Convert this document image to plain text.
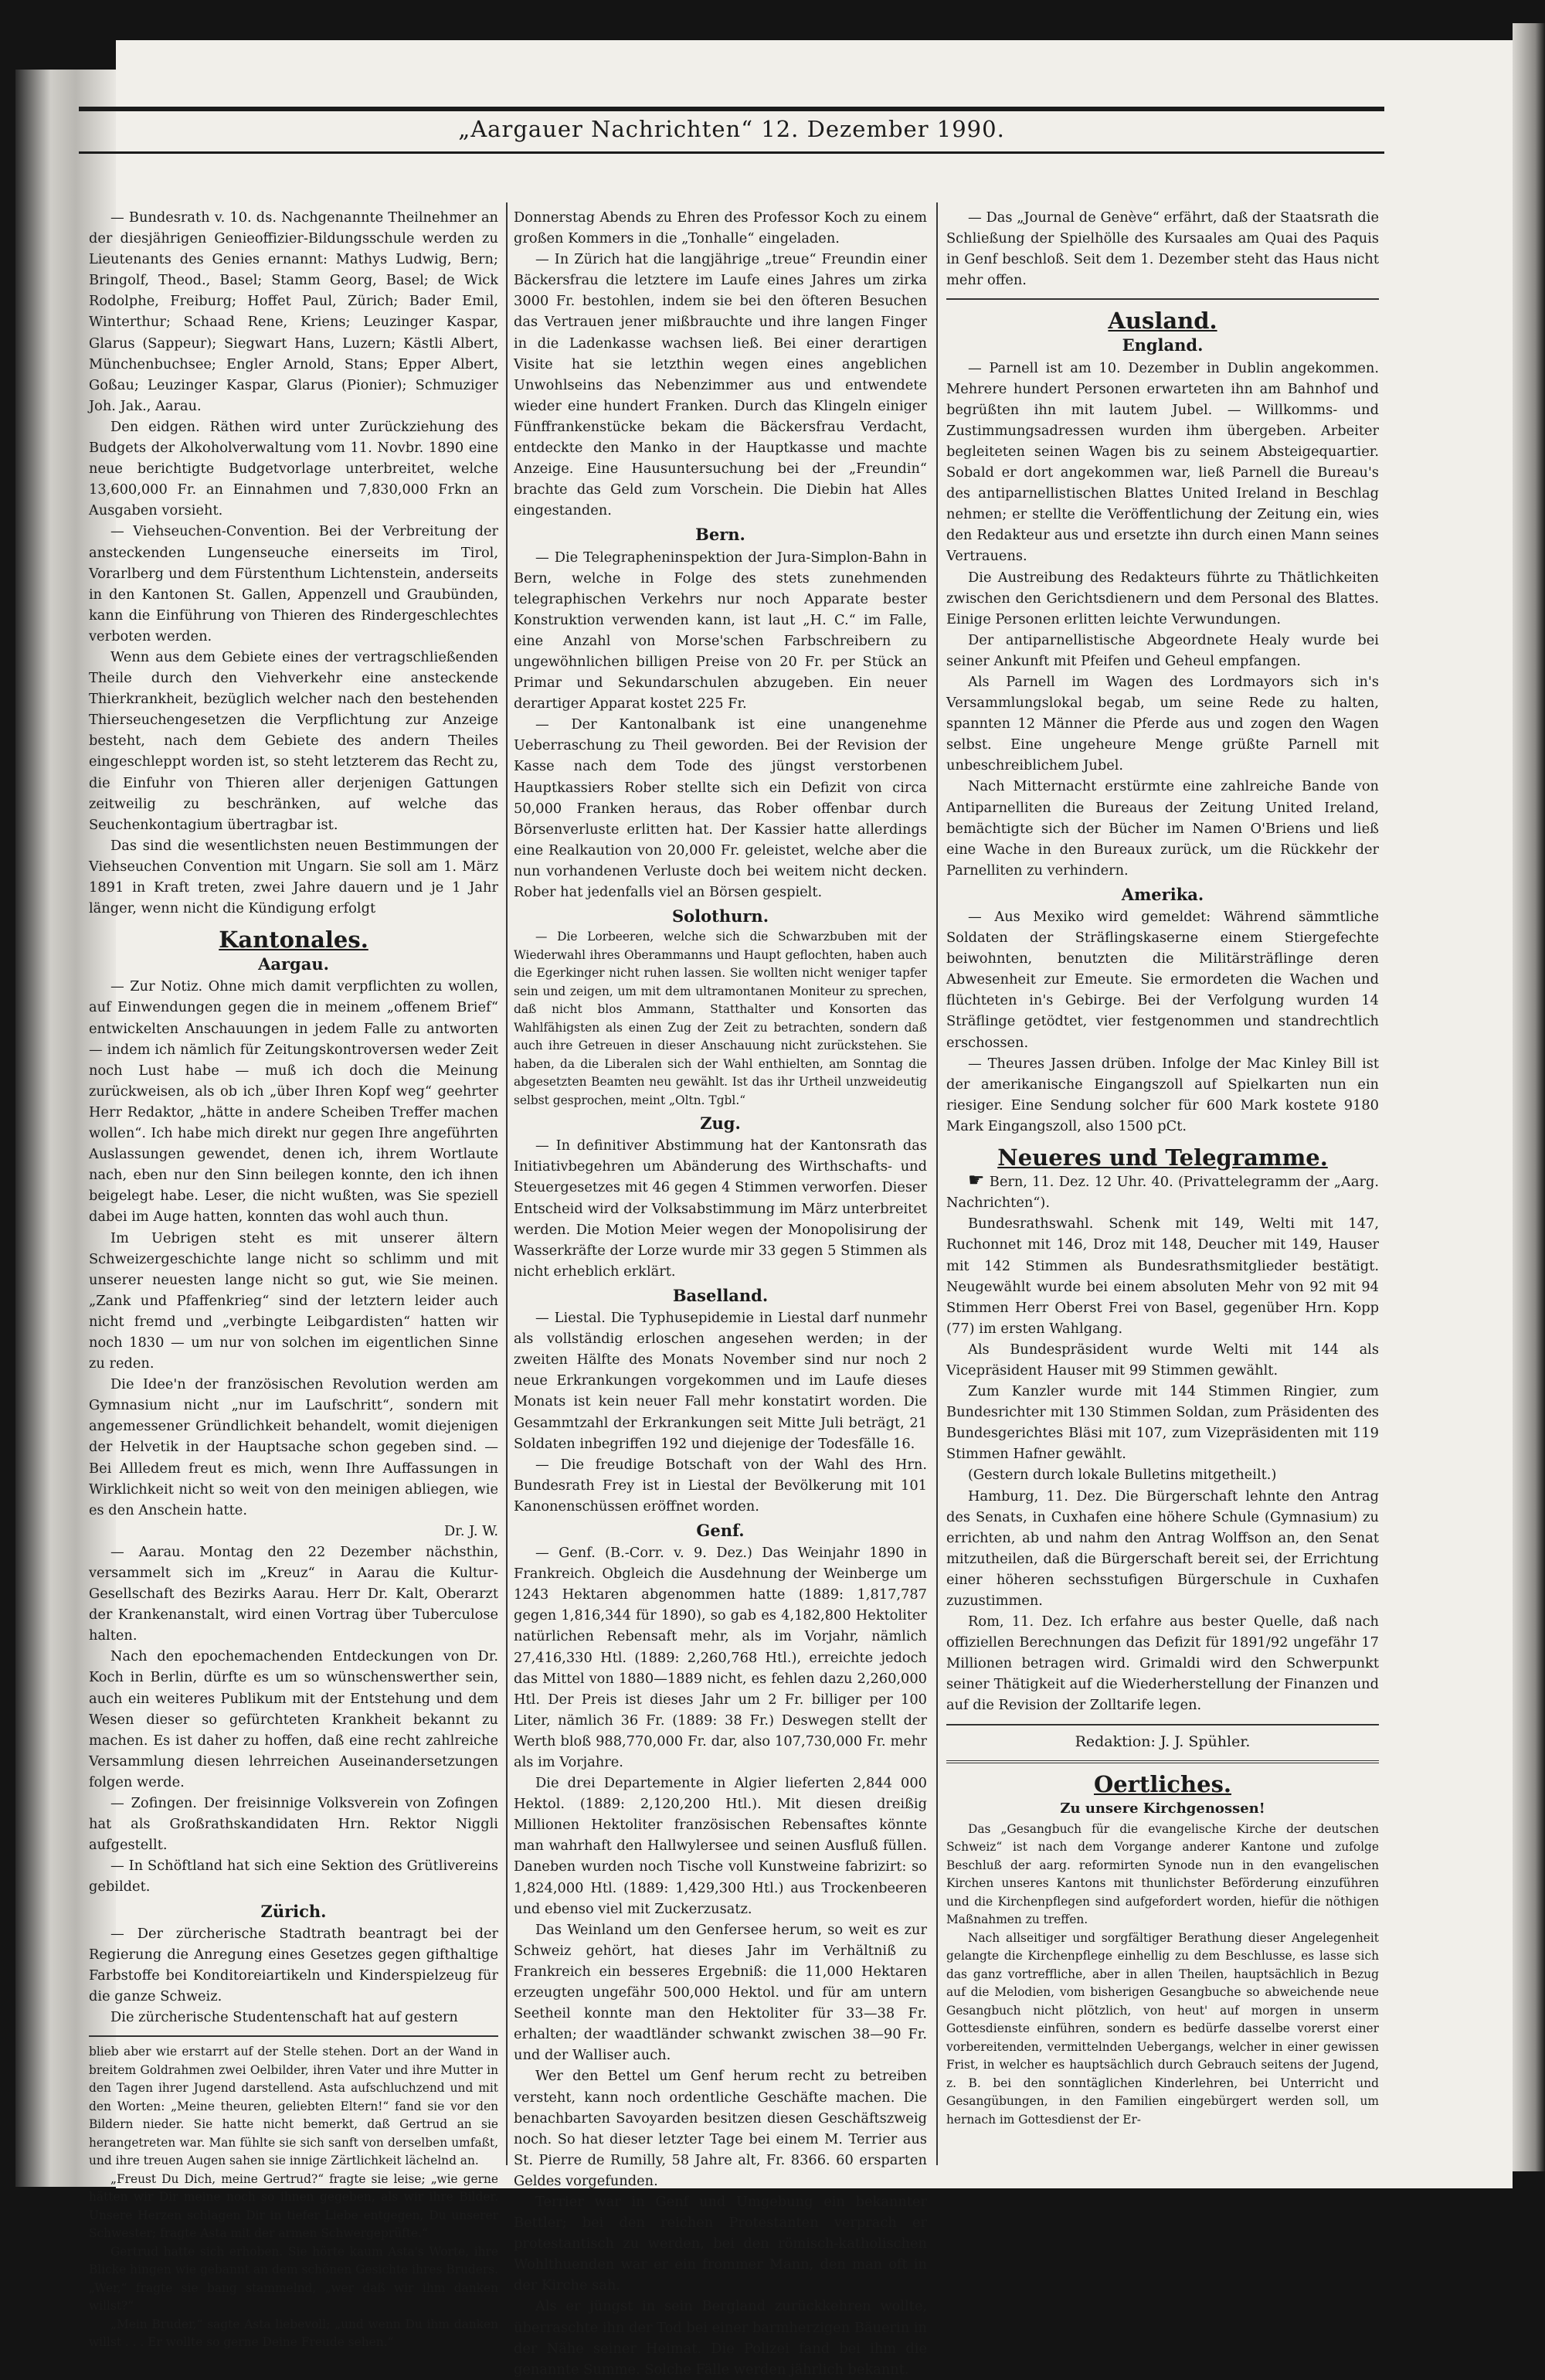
„Aargauer Nachrichten“ 12. Dezember 1990.

— Bundesrath v. 10. ds. Nachgenannte Theilnehmer an der diesjährigen Genieoffizier-Bildungsschule werden zu Lieutenants des Genies ernannt: Mathys Ludwig, Bern; Bringolf, Theod., Basel; Stamm Georg, Basel; de Wick Rodolphe, Freiburg; Hoffet Paul, Zürich; Bader Emil, Winterthur; Schaad Rene, Kriens; Leuzinger Kaspar, Glarus (Sappeur); Siegwart Hans, Luzern; Kästli Albert, Münchenbuchsee; Engler Arnold, Stans; Epper Albert, Goßau; Leuzinger Kaspar, Glarus (Pionier); Schmuziger Joh. Jak., Aarau.

Den eidgen. Räthen wird unter Zurückziehung des Budgets der Alkoholverwaltung vom 11. Novbr. 1890 eine neue berichtigte Budgetvorlage unterbreitet, welche 13,600,000 Fr. an Einnahmen und 7,830,000 Frkn an Ausgaben vorsieht.

— Viehseuchen-Convention. Bei der Verbreitung der ansteckenden Lungenseuche einerseits im Tirol, Vorarlberg und dem Fürstenthum Lichtenstein, anderseits in den Kantonen St. Gallen, Appenzell und Graubünden, kann die Einführung von Thieren des Rindergeschlechtes verboten werden.

Wenn aus dem Gebiete eines der vertragschließenden Theile durch den Viehverkehr eine ansteckende Thierkrankheit, bezüglich welcher nach den bestehenden Thierseuchengesetzen die Verpflichtung zur Anzeige besteht, nach dem Gebiete des andern Theiles eingeschleppt worden ist, so steht letzterem das Recht zu, die Einfuhr von Thieren aller derjenigen Gattungen zeitweilig zu beschränken, auf welche das Seuchenkontagium übertragbar ist.

Das sind die wesentlichsten neuen Bestimmungen der Viehseuchen Convention mit Ungarn. Sie soll am 1. März 1891 in Kraft treten, zwei Jahre dauern und je 1 Jahr länger, wenn nicht die Kündigung erfolgt

Kantonales.
Aargau.

— Zur Notiz. Ohne mich damit verpflichten zu wollen, auf Einwendungen gegen die in meinem „offenem Brief“ entwickelten Anschauungen in jedem Falle zu antworten — indem ich nämlich für Zeitungskontroversen weder Zeit noch Lust habe — muß ich doch die Meinung zurückweisen, als ob ich „über Ihren Kopf weg“ geehrter Herr Redaktor, „hätte in andere Scheiben Treffer machen wollen“. Ich habe mich direkt nur gegen Ihre angeführten Auslassungen gewendet, denen ich, ihrem Wortlaute nach, eben nur den Sinn beilegen konnte, den ich ihnen beigelegt habe. Leser, die nicht wußten, was Sie speziell dabei im Auge hatten, konnten das wohl auch thun.

Im Uebrigen steht es mit unserer ältern Schweizergeschichte lange nicht so schlimm und mit unserer neuesten lange nicht so gut, wie Sie meinen. „Zank und Pfaffenkrieg“ sind der letztern leider auch nicht fremd und „verbingte Leibgardisten“ hatten wir noch 1830 — um nur von solchen im eigentlichen Sinne zu reden.

Die Idee'n der französischen Revolution werden am Gymnasium nicht „nur im Laufschritt“, sondern mit angemessener Gründlichkeit behandelt, womit diejenigen der Helvetik in der Hauptsache schon gegeben sind. — Bei Allledem freut es mich, wenn Ihre Auffassungen in Wirklichkeit nicht so weit von den meinigen abliegen, wie es den Anschein hatte.

Dr. J. W.

— Aarau. Montag den 22 Dezember nächsthin, versammelt sich im „Kreuz“ in Aarau die Kultur-Gesellschaft des Bezirks Aarau. Herr Dr. Kalt, Oberarzt der Krankenanstalt, wird einen Vortrag über Tuberculose halten.

Nach den epochemachenden Entdeckungen von Dr. Koch in Berlin, dürfte es um so wünschenswerther sein, auch ein weiteres Publikum mit der Entstehung und dem Wesen dieser so gefürchteten Krankheit bekannt zu machen. Es ist daher zu hoffen, daß eine recht zahlreiche Versammlung diesen lehrreichen Auseinandersetzungen folgen werde.

— Zofingen. Der freisinnige Volksverein von Zofingen hat als Großrathskandidaten Hrn. Rektor Niggli aufgestellt.

— In Schöftland hat sich eine Sektion des Grütlivereins gebildet.

Zürich.

— Der zürcherische Stadtrath beantragt bei der Regierung die Anregung eines Gesetzes gegen gifthaltige Farbstoffe bei Konditoreiartikeln und Kinderspielzeug für die ganze Schweiz.

Die zürcherische Studentenschaft hat auf gestern

blieb aber wie erstarrt auf der Stelle stehen. Dort an der Wand in breitem Goldrahmen zwei Oelbilder, ihren Vater und ihre Mutter in den Tagen ihrer Jugend darstellend. Asta aufschluchzend und mit den Worten: „Meine theuren, geliebten Eltern!“ fand sie vor den Bildern nieder. Sie hatte nicht bemerkt, daß Gertrud an sie herangetreten war. Man fühlte sie sich sanft von derselben umfaßt, und ihre treuen Augen sahen sie innige Zärtlichkeit lächelnd an.

„Freust Du Dich, meine Gertrud?“ fragte sie leise; „wie gerne hätten wir Dir meine noch so ihnen gegeben, als wir ihre Bilder. Unsere Herzen schlagen Dir in tiefer Liebe entgegen, Du unserer Schwester; fragte Asta mit der armen Schwergeprüfte.“

Gertrud hatte sich erhoben. Sie hörte kaum Asta's Worte, ihre Blicke hingen wie gebannt an dem schönen Gesichte ihres Bruders. „Wer,“ fragte sie bang stammelnd, „wer daß wir ihm danken willst?“

„Mein Bruder,“ sagte Asta liebevoll; „und wenn Du ihm danken willst . . . Er wollte so gerne Deine Freude sehen.“

Donnerstag Abends zu Ehren des Professor Koch zu einem großen Kommers in die „Tonhalle“ eingeladen.

— In Zürich hat die langjährige „treue“ Freundin einer Bäckersfrau die letztere im Laufe eines Jahres um zirka 3000 Fr. bestohlen, indem sie bei den öfteren Besuchen das Vertrauen jener mißbrauchte und ihre langen Finger in die Ladenkasse wachsen ließ. Bei einer derartigen Visite hat sie letzthin wegen eines angeblichen Unwohlseins das Nebenzimmer aus und entwendete wieder eine hundert Franken. Durch das Klingeln einiger Fünffrankenstücke bekam die Bäckersfrau Verdacht, entdeckte den Manko in der Hauptkasse und machte Anzeige. Eine Hausuntersuchung bei der „Freundin“ brachte das Geld zum Vorschein. Die Diebin hat Alles eingestanden.

Bern.

— Die Telegrapheninspektion der Jura-Simplon-Bahn in Bern, welche in Folge des stets zunehmenden telegraphischen Verkehrs nur noch Apparate bester Konstruktion verwenden kann, ist laut „H. C.“ im Falle, eine Anzahl von Morse'schen Farbschreibern zu ungewöhnlichen billigen Preise von 20 Fr. per Stück an Primar und Sekundarschulen abzugeben. Ein neuer derartiger Apparat kostet 225 Fr.

— Der Kantonalbank ist eine unangenehme Ueberraschung zu Theil geworden. Bei der Revision der Kasse nach dem Tode des jüngst verstorbenen Hauptkassiers Rober stellte sich ein Defizit von circa 50,000 Franken heraus, das Rober offenbar durch Börsenverluste erlitten hat. Der Kassier hatte allerdings eine Realkaution von 20,000 Fr. geleistet, welche aber die nun vorhandenen Verluste doch bei weitem nicht decken. Rober hat jedenfalls viel an Börsen gespielt.

Solothurn.

— Die Lorbeeren, welche sich die Schwarzbuben mit der Wiederwahl ihres Oberammanns und Haupt geflochten, haben auch die Egerkinger nicht ruhen lassen. Sie wollten nicht weniger tapfer sein und zeigen, um mit dem ultramontanen Moniteur zu sprechen, daß nicht blos Ammann, Statthalter und Konsorten das Wahlfähigsten als einen Zug der Zeit zu betrachten, sondern daß auch ihre Getreuen in dieser Anschauung nicht zurückstehen. Sie haben, da die Liberalen sich der Wahl enthielten, am Sonntag die abgesetzten Beamten neu gewählt. Ist das ihr Urtheil unzweideutig selbst gesprochen, meint „Oltn. Tgbl.“

Zug.

— In definitiver Abstimmung hat der Kantonsrath das Initiativbegehren um Abänderung des Wirthschafts- und Steuergesetzes mit 46 gegen 4 Stimmen verworfen. Dieser Entscheid wird der Volksabstimmung im März unterbreitet werden. Die Motion Meier wegen der Monopolisirung der Wasserkräfte der Lorze wurde mir 33 gegen 5 Stimmen als nicht erheblich erklärt.

Baselland.

— Liestal. Die Typhusepidemie in Liestal darf nunmehr als vollständig erloschen angesehen werden; in der zweiten Hälfte des Monats November sind nur noch 2 neue Erkrankungen vorgekommen und im Laufe dieses Monats ist kein neuer Fall mehr konstatirt worden. Die Gesammtzahl der Erkrankungen seit Mitte Juli beträgt, 21 Soldaten inbegriffen 192 und diejenige der Todesfälle 16.

— Die freudige Botschaft von der Wahl des Hrn. Bundesrath Frey ist in Liestal der Bevölkerung mit 101 Kanonenschüssen eröffnet worden.

Genf.

— Genf. (B.-Corr. v. 9. Dez.) Das Weinjahr 1890 in Frankreich. Obgleich die Ausdehnung der Weinberge um 1243 Hektaren abgenommen hatte (1889: 1,817,787 gegen 1,816,344 für 1890), so gab es 4,182,800 Hektoliter natürlichen Rebensaft mehr, als im Vorjahr, nämlich 27,416,330 Htl. (1889: 2,260,768 Htl.), erreichte jedoch das Mittel von 1880—1889 nicht, es fehlen dazu 2,260,000 Htl. Der Preis ist dieses Jahr um 2 Fr. billiger per 100 Liter, nämlich 36 Fr. (1889: 38 Fr.) Deswegen stellt der Werth bloß 988,770,000 Fr. dar, also 107,730,000 Fr. mehr als im Vorjahre.

Die drei Departemente in Algier lieferten 2,844 000 Hektol. (1889: 2,120,200 Htl.). Mit diesen dreißig Millionen Hektoliter französischen Rebensaftes könnte man wahrhaft den Hallwylersee und seinen Ausfluß füllen. Daneben wurden noch Tische voll Kunstweine fabrizirt: so 1,824,000 Htl. (1889: 1,429,300 Htl.) aus Trockenbeeren und ebenso viel mit Zuckerzusatz.

Das Weinland um den Genfersee herum, so weit es zur Schweiz gehört, hat dieses Jahr im Verhältniß zu Frankreich ein besseres Ergebniß: die 11,000 Hektaren erzeugten ungefähr 500,000 Hektol. und für am untern Seetheil konnte man den Hektoliter für 33—38 Fr. erhalten; der waadtländer schwankt zwischen 38—90 Fr. und der Walliser auch.

Wer den Bettel um Genf herum recht zu betreiben versteht, kann noch ordentliche Geschäfte machen. Die benachbarten Savoyarden besitzen diesen Geschäftszweig noch. So hat dieser letzter Tage bei einem M. Terrier aus St. Pierre de Rumilly, 58 Jahre alt, Fr. 8366. 60 ersparten Geldes vorgefunden.

Terrier war in Genf und Umgebung ein bekannter Bettler; bei den reichen Protestanten verprach er protestantisch zu werden, bei den römisch-katholischen Wohlthuenden war er ein frommer Mann, den man oft in der Kirche sah.

Als er jüngst in sein Bergland zurückkehren wollte, überraschte ihn der Tod bei einer barmherzigen Bäuerin in der Nähe seiner Heimat. Die Polizei fand bei ihm die genannte Summe. Solche Fälle werden jährlich bekannt.

— Das „Journal de Genève“ erfährt, daß der Staatsrath die Schließung der Spielhölle des Kursaales am Quai des Paquis in Genf beschloß. Seit dem 1. Dezember steht das Haus nicht mehr offen.

Ausland.
England.

— Parnell ist am 10. Dezember in Dublin angekommen. Mehrere hundert Personen erwarteten ihn am Bahnhof und begrüßten ihn mit lautem Jubel. — Willkomms- und Zustimmungsadressen wurden ihm übergeben. Arbeiter begleiteten seinen Wagen bis zu seinem Absteigequartier. Sobald er dort angekommen war, ließ Parnell die Bureau's des antiparnellistischen Blattes United Ireland in Beschlag nehmen; er stellte die Veröffentlichung der Zeitung ein, wies den Redakteur aus und ersetzte ihn durch einen Mann seines Vertrauens.

Die Austreibung des Redakteurs führte zu Thätlichkeiten zwischen den Gerichtsdienern und dem Personal des Blattes. Einige Personen erlitten leichte Verwundungen.

Der antiparnellistische Abgeordnete Healy wurde bei seiner Ankunft mit Pfeifen und Geheul empfangen.

Als Parnell im Wagen des Lordmayors sich in's Versammlungslokal begab, um seine Rede zu halten, spannten 12 Männer die Pferde aus und zogen den Wagen selbst. Eine ungeheure Menge grüßte Parnell mit unbeschreiblichem Jubel.

Nach Mitternacht erstürmte eine zahlreiche Bande von Antiparnelliten die Bureaus der Zeitung United Ireland, bemächtigte sich der Bücher im Namen O'Briens und ließ eine Wache in den Bureaux zurück, um die Rückkehr der Parnelliten zu verhindern.

Amerika.

— Aus Mexiko wird gemeldet: Während sämmtliche Soldaten der Sträflingskaserne einem Stiergefechte beiwohnten, benutzten die Militärsträflinge deren Abwesenheit zur Emeute. Sie ermordeten die Wachen und flüchteten in's Gebirge. Bei der Verfolgung wurden 14 Sträflinge getödtet, vier festgenommen und standrechtlich erschossen.

— Theures Jassen drüben. Infolge der Mac Kinley Bill ist der amerikanische Eingangszoll auf Spielkarten nun ein riesiger. Eine Sendung solcher für 600 Mark kostete 9180 Mark Eingangszoll, also 1500 pCt.

Neueres und Telegramme.

☛ Bern, 11. Dez. 12 Uhr. 40. (Privattelegramm der „Aarg. Nachrichten“).

Bundesrathswahl. Schenk mit 149, Welti mit 147, Ruchonnet mit 146, Droz mit 148, Deucher mit 149, Hauser mit 142 Stimmen als Bundesrathsmitglieder bestätigt. Neugewählt wurde bei einem absoluten Mehr von 92 mit 94 Stimmen Herr Oberst Frei von Basel, gegenüber Hrn. Kopp (77) im ersten Wahlgang.

Als Bundespräsident wurde Welti mit 144 als Vicepräsident Hauser mit 99 Stimmen gewählt.

Zum Kanzler wurde mit 144 Stimmen Ringier, zum Bundesrichter mit 130 Stimmen Soldan, zum Präsidenten des Bundesgerichtes Bläsi mit 107, zum Vizepräsidenten mit 119 Stimmen Hafner gewählt.

(Gestern durch lokale Bulletins mitgetheilt.)

Hamburg, 11. Dez. Die Bürgerschaft lehnte den Antrag des Senats, in Cuxhafen eine höhere Schule (Gymnasium) zu errichten, ab und nahm den Antrag Wolffson an, den Senat mitzutheilen, daß die Bürgerschaft bereit sei, der Errichtung einer höheren sechsstufigen Bürgerschule in Cuxhafen zuzustimmen.

Rom, 11. Dez. Ich erfahre aus bester Quelle, daß nach offiziellen Berechnungen das Defizit für 1891/92 ungefähr 17 Millionen betragen wird. Grimaldi wird den Schwerpunkt seiner Thätigkeit auf die Wiederherstellung der Finanzen und auf die Revision der Zolltarife legen.

Redaktion: J. J. Spühler.
Oertliches.
Zu unsere Kirchgenossen!

Das „Gesangbuch für die evangelische Kirche der deutschen Schweiz“ ist nach dem Vorgange anderer Kantone und zufolge Beschluß der aarg. reformirten Synode nun in den evangelischen Kirchen unseres Kantons mit thunlichster Beförderung einzuführen und die Kirchenpflegen sind aufgefordert worden, hiefür die nöthigen Maßnahmen zu treffen.

Nach allseitiger und sorgfältiger Berathung dieser Angelegenheit gelangte die Kirchenpflege einhellig zu dem Beschlusse, es lasse sich das ganz vortreffliche, aber in allen Theilen, hauptsächlich in Bezug auf die Melodien, vom bisherigen Gesangbuche so abweichende neue Gesangbuch nicht plötzlich, von heut' auf morgen in unserm Gottesdienste einführen, sondern es bedürfe dasselbe vorerst einer vorbereitenden, vermittelnden Uebergangs, welcher in einer gewissen Frist, in welcher es hauptsächlich durch Gebrauch seitens der Jugend, z. B. bei den sonntäglichen Kinderlehren, bei Unterricht und Gesangübungen, in den Familien eingebürgert werden soll, um hernach im Gottesdienst der Er-
